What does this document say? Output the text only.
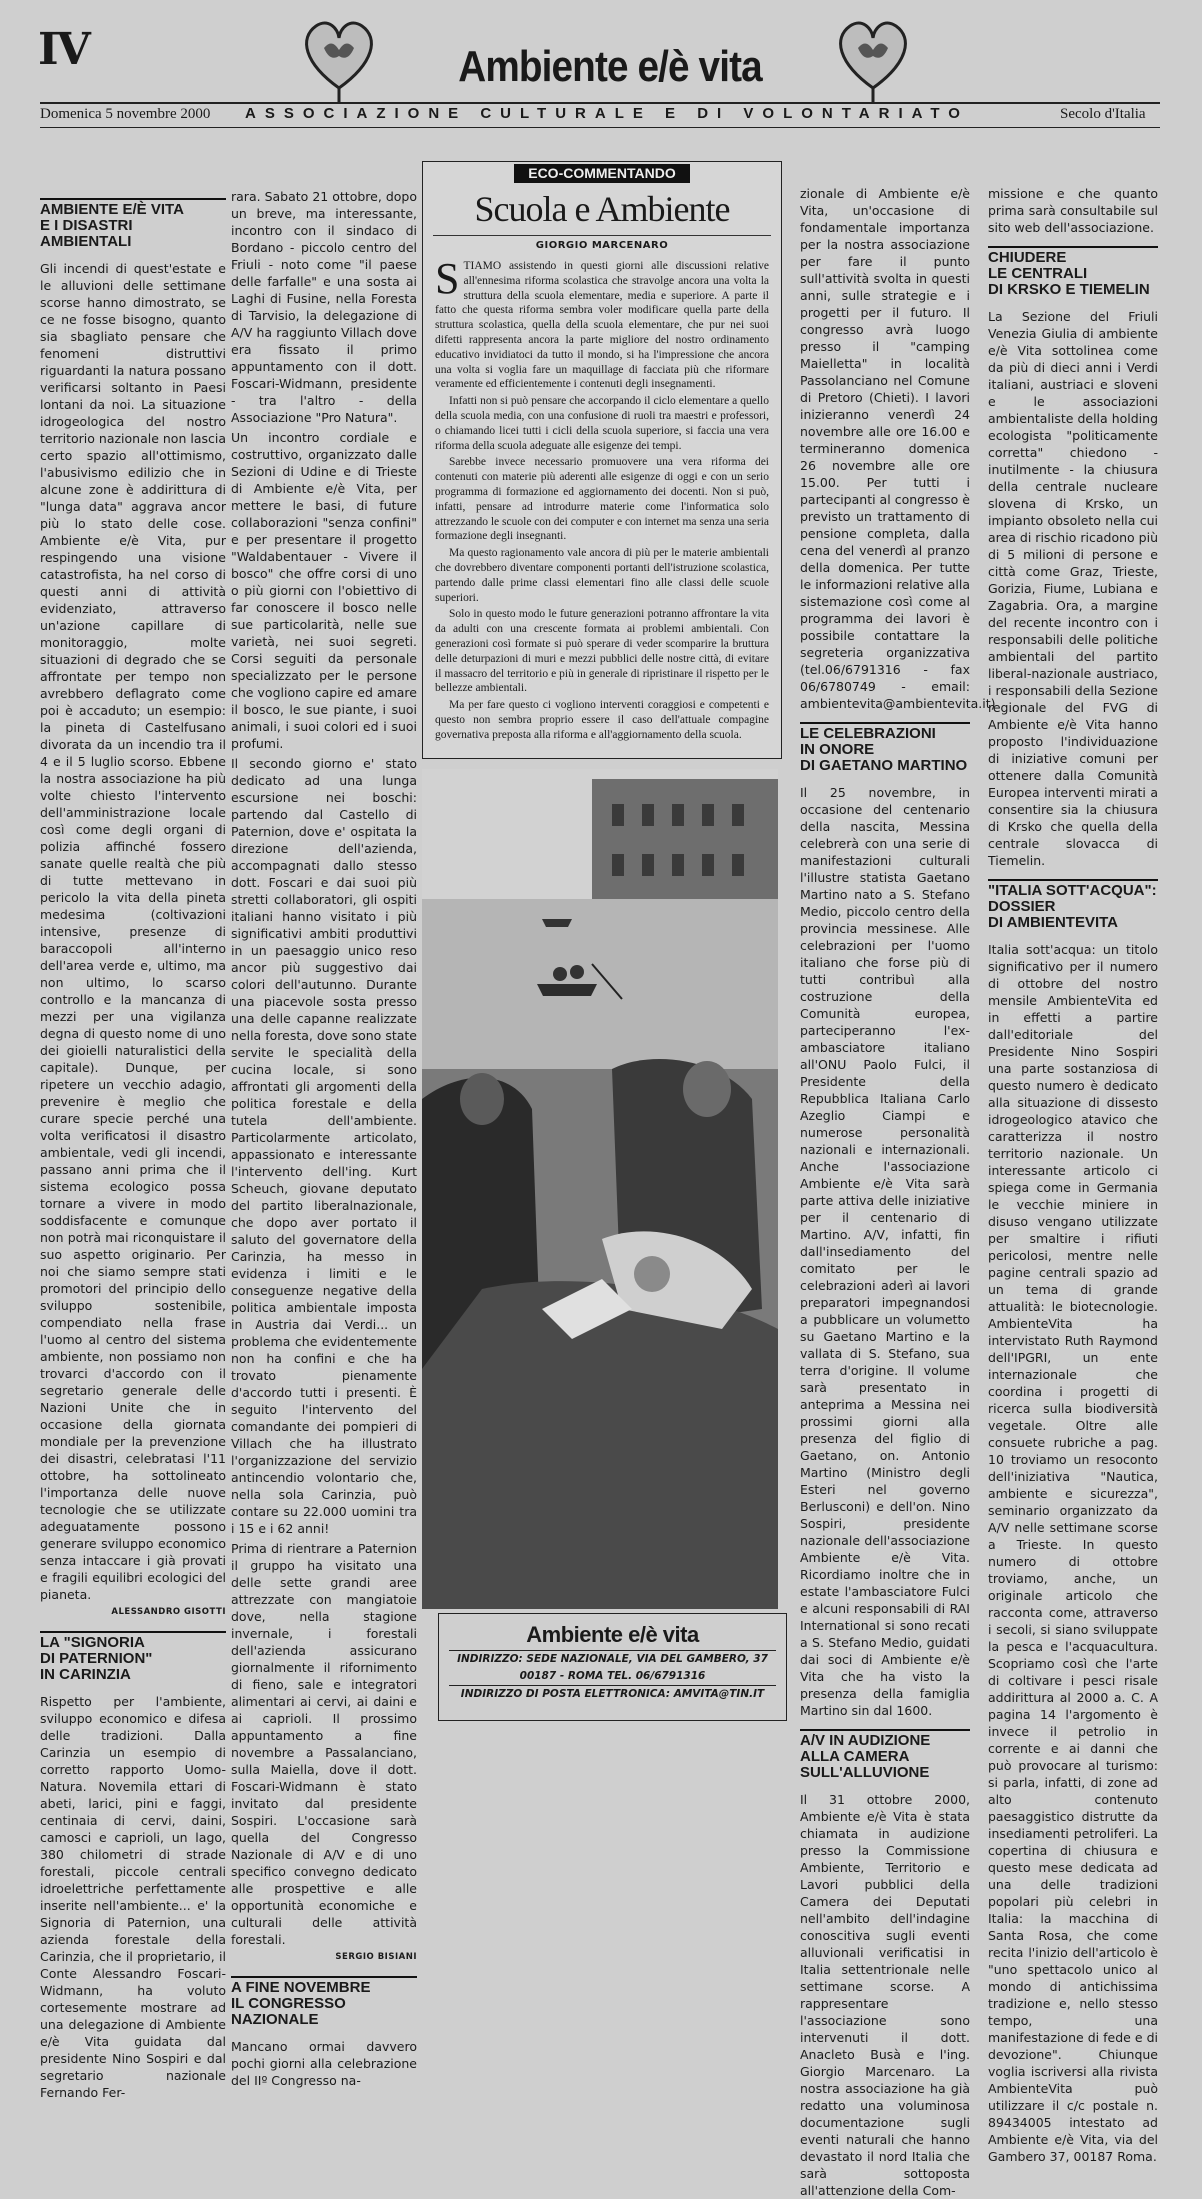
IV	Ambiente e/è vita
Domenica 5 novembre 2000 ASSOCIAZIONE CULTURALE E DI VOLONTARIATO	Secolo d'Italia
AMBIENTE E/È VITA
E I DISASTRI
AMBIENTALI

Gli incendi di quest'estate e le alluvioni delle settimane scorse hanno dimostrato, se ce ne fosse bisogno, quanto sia sbagliato pensare che fenomeni distruttivi riguardanti la natura possano verificarsi soltanto in Paesi lontani da noi. La situazione idrogeologica del nostro territorio nazionale non lascia certo spazio all'ottimismo, l'abusivismo edilizio che in alcune zone è addirittura di "lunga data" aggrava ancor più lo stato delle cose. Ambiente e/è Vita, pur respingendo una visione catastrofista, ha nel corso di questi anni di attività evidenziato, attraverso un'azione capillare di monitoraggio, molte situazioni di degrado che se affrontate per tempo non avrebbero deflagrato come poi è accaduto; un esempio: la pineta di Castelfusano divorata da un incendio tra il 4 e il 5 luglio scorso. Ebbene la nostra associazione ha più volte chiesto l'intervento dell'amministrazione locale così come degli organi di polizia affinché fossero sanate quelle realtà che più di tutte mettevano in pericolo la vita della pineta medesima (coltivazioni intensive, presenze di baraccopoli all'interno dell'area verde e, ultimo, ma non ultimo, lo scarso controllo e la mancanza di mezzi per una vigilanza degna di questo nome di uno dei gioielli naturalistici della capitale). Dunque, per ripetere un vecchio adagio, prevenire è meglio che curare specie perché una volta verificatosi il disastro ambientale, vedi gli incendi, passano anni prima che il sistema ecologico possa tornare a vivere in modo soddisfacente e comunque non potrà mai riconquistare il suo aspetto originario. Per noi che siamo sempre stati promotori del principio dello sviluppo sostenibile, compendiato nella frase l'uomo al centro del sistema ambiente, non possiamo non trovarci d'accordo con il segretario generale delle Nazioni Unite che in occasione della giornata mondiale per la prevenzione dei disastri, celebratasi l'11 ottobre, ha sottolineato l'importanza delle nuove tecnologie che se utilizzate adeguatamente possono generare sviluppo economico senza intaccare i già provati e fragili equilibri ecologici del pianeta.

ALESSANDRO GISOTTI
LA "SIGNORIA
DI PATERNION"
IN CARINZIA

Rispetto per l'ambiente, sviluppo economico e difesa delle tradizioni. Dalla Carinzia un esempio di corretto rapporto Uomo-Natura. Novemila ettari di abeti, larici, pini e faggi, centinaia di cervi, daini, camosci e caprioli, un lago, 380 chilometri di strade forestali, piccole centrali idroelettriche perfettamente inserite nell'ambiente... e' la Signoria di Paternion, una azienda forestale della Carinzia, che il proprietario, il Conte Alessandro Foscari-Widmann, ha voluto cortesemente mostrare ad una delegazione di Ambiente e/è Vita guidata dal presidente Nino Sospiri e dal segretario nazionale Fernando Fer-

rara. Sabato 21 ottobre, dopo un breve, ma interessante, incontro con il sindaco di Bordano - piccolo centro del Friuli - noto come "il paese delle farfalle" e una sosta ai Laghi di Fusine, nella Foresta di Tarvisio, la delegazione di A/V ha raggiunto Villach dove era fissato il primo appuntamento con il dott. Foscari-Widmann, presidente - tra l'altro - della Associazione "Pro Natura".

Un incontro cordiale e costruttivo, organizzato dalle Sezioni di Udine e di Trieste di Ambiente e/è Vita, per mettere le basi, di future collaborazioni "senza confini" e per presentare il progetto "Waldabentauer - Vivere il bosco" che offre corsi di uno o più giorni con l'obiettivo di far conoscere il bosco nelle sue particolarità, nelle sue varietà, nei suoi segreti. Corsi seguiti da personale specializzato per le persone che vogliono capire ed amare il bosco, le sue piante, i suoi animali, i suoi colori ed i suoi profumi.

Il secondo giorno e' stato dedicato ad una lunga escursione nei boschi: partendo dal Castello di Paternion, dove e' ospitata la direzione dell'azienda, accompagnati dallo stesso dott. Foscari e dai suoi più stretti collaboratori, gli ospiti italiani hanno visitato i più significativi ambiti produttivi in un paesaggio unico reso ancor più suggestivo dai colori dell'autunno. Durante una piacevole sosta presso una delle capanne realizzate nella foresta, dove sono state servite le specialità della cucina locale, si sono affrontati gli argomenti della politica forestale e della tutela dell'ambiente. Particolarmente articolato, appassionato e interessante l'intervento dell'ing. Kurt Scheuch, giovane deputato del partito liberalnazionale, che dopo aver portato il saluto del governatore della Carinzia, ha messo in evidenza i limiti e le conseguenze negative della politica ambientale imposta in Austria dai Verdi... un problema che evidentemente non ha confini e che ha trovato pienamente d'accordo tutti i presenti. È seguito l'intervento del comandante dei pompieri di Villach che ha illustrato l'organizzazione del servizio antincendio volontario che, nella sola Carinzia, può contare su 22.000 uomini tra i 15 e i 62 anni!

Prima di rientrare a Paternion il gruppo ha visitato una delle sette grandi aree attrezzate con mangiatoie dove, nella stagione invernale, i forestali dell'azienda assicurano giornalmente il rifornimento di fieno, sale e integratori alimentari ai cervi, ai daini e ai caprioli. Il prossimo appuntamento a fine novembre a Passalanciano, sulla Maiella, dove il dott. Foscari-Widmann è stato invitato dal presidente Sospiri. L'occasione sarà quella del Congresso Nazionale di A/V e di uno specifico convegno dedicato alle prospettive e alle opportunità economiche e culturali delle attività forestali.

SERGIO BISIANI
A FINE NOVEMBRE
IL CONGRESSO
NAZIONALE

Mancano ormai davvero pochi giorni alla celebrazione del IIº Congresso na-

ECO-COMMENTANDO
Scuola e Ambiente
GIORGIO MARCENARO

STIAMO assistendo in questi giorni alle discussioni relative all'ennesima riforma scolastica che stravolge ancora una volta la struttura della scuola elementare, media e superiore. A parte il fatto che questa riforma sembra voler modificare quella parte della struttura scolastica, quella della scuola elementare, che pur nei suoi difetti rappresenta ancora la parte migliore del nostro ordinamento educativo invidiatoci da tutto il mondo, si ha l'impressione che ancora una volta si voglia fare un maquillage di facciata più che riformare veramente ed efficientemente i contenuti degli insegnamenti.

Infatti non si può pensare che accorpando il ciclo elementare a quello della scuola media, con una confusione di ruoli tra maestri e professori, o chiamando licei tutti i cicli della scuola superiore, si faccia una vera riforma della scuola adeguate alle esigenze dei tempi.

Sarebbe invece necessario promuovere una vera riforma dei contenuti con materie più aderenti alle esigenze di oggi e con un serio programma di formazione ed aggiornamento dei docenti. Non si può, infatti, pensare ad introdurre materie come l'informatica solo attrezzando le scuole con dei computer e con internet ma senza una seria formazione degli insegnanti.

Ma questo ragionamento vale ancora di più per le materie ambientali che dovrebbero diventare componenti portanti dell'istruzione scolastica, partendo dalle prime classi elementari fino alle classi delle scuole superiori.

Solo in questo modo le future generazioni potranno affrontare la vita da adulti con una crescente formata ai problemi ambientali. Con generazioni così formate si può sperare di veder scomparire la bruttura delle deturpazioni di muri e mezzi pubblici delle nostre città, di evitare il massacro del territorio e più in generale di ripristinare il rispetto per le bellezze ambientali.

Ma per fare questo ci vogliono interventi coraggiosi e competenti e questo non sembra proprio essere il caso dell'attuale compagine governativa preposta alla riforma e all'aggiornamento della scuola.

zionale di Ambiente e/è Vita, un'occasione di fondamentale importanza per la nostra associazione per fare il punto sull'attività svolta in questi anni, sulle strategie e i progetti per il futuro. Il congresso avrà luogo presso il "camping Maielletta" in località Passolanciano nel Comune di Pretoro (Chieti). I lavori inizieranno venerdì 24 novembre alle ore 16.00 e termineranno domenica 26 novembre alle ore 15.00. Per tutti i partecipanti al congresso è previsto un trattamento di pensione completa, dalla cena del venerdì al pranzo della domenica. Per tutte le informazioni relative alla sistemazione così come al programma dei lavori è possibile contattare la segreteria organizzativa (tel.06/6791316 - fax 06/6780749 - email: ambientevita@ambientevita.it)

LE CELEBRAZIONI
IN ONORE
DI GAETANO MARTINO

Il 25 novembre, in occasione del centenario della nascita, Messina celebrerà con una serie di manifestazioni culturali l'illustre statista Gaetano Martino nato a S. Stefano Medio, piccolo centro della provincia messinese. Alle celebrazioni per l'uomo italiano che forse più di tutti contribuì alla costruzione della Comunità europea, parteciperanno l'ex-ambasciatore italiano all'ONU Paolo Fulci, il Presidente della Repubblica Italiana Carlo Azeglio Ciampi e numerose personalità nazionali e internazionali. Anche l'associazione Ambiente e/è Vita sarà parte attiva delle iniziative per il centenario di Martino. A/V, infatti, fin dall'insediamento del comitato per le celebrazioni aderì ai lavori preparatori impegnandosi a pubblicare un volumetto su Gaetano Martino e la vallata di S. Stefano, sua terra d'origine. Il volume sarà presentato in anteprima a Messina nei prossimi giorni alla presenza del figlio di Gaetano, on. Antonio Martino (Ministro degli Esteri nel governo Berlusconi) e dell'on. Nino Sospiri, presidente nazionale dell'associazione Ambiente e/è Vita. Ricordiamo inoltre che in estate l'ambasciatore Fulci e alcuni responsabili di RAI International si sono recati a S. Stefano Medio, guidati dai soci di Ambiente e/è Vita che ha visto la presenza della famiglia Martino sin dal 1600.

A/V IN AUDIZIONE
ALLA CAMERA
SULL'ALLUVIONE

Il 31 ottobre 2000, Ambiente e/è Vita è stata chiamata in audizione presso la Commissione Ambiente, Territorio e Lavori pubblici della Camera dei Deputati nell'ambito dell'indagine conoscitiva sugli eventi alluvionali verificatisi in Italia settentrionale nelle settimane scorse. A rappresentare l'associazione sono intervenuti il dott. Anacleto Busà e l'ing. Giorgio Marcenaro. La nostra associazione ha già redatto una voluminosa documentazione sugli eventi naturali che hanno devastato il nord Italia che sarà sottoposta all'attenzione della Com-

missione e che quanto prima sarà consultabile sul sito web dell'associazione.

CHIUDERE
LE CENTRALI
DI KRSKO E TIEMELIN

La Sezione del Friuli Venezia Giulia di ambiente e/è Vita sottolinea come da più di dieci anni i Verdi italiani, austriaci e sloveni e le associazioni ambientaliste della holding ecologista "politicamente corretta" chiedono - inutilmente - la chiusura della centrale nucleare slovena di Krsko, un impianto obsoleto nella cui area di rischio ricadono più di 5 milioni di persone e città come Graz, Trieste, Gorizia, Fiume, Lubiana e Zagabria. Ora, a margine del recente incontro con i responsabili delle politiche ambientali del partito liberal-nazionale austriaco, i responsabili della Sezione regionale del FVG di Ambiente e/è Vita hanno proposto l'individuazione di iniziative comuni per ottenere dalla Comunità Europea interventi mirati a consentire sia la chiusura di Krsko che quella della centrale slovacca di Tiemelin.

"ITALIA SOTT'ACQUA":
DOSSIER
DI AMBIENTEVITA

Italia sott'acqua: un titolo significativo per il numero di ottobre del nostro mensile AmbienteVita ed in effetti a partire dall'editoriale del Presidente Nino Sospiri una parte sostanziosa di questo numero è dedicato alla situazione di dissesto idrogeologico atavico che caratterizza il nostro territorio nazionale. Un interessante articolo ci spiega come in Germania le vecchie miniere in disuso vengano utilizzate per smaltire i rifiuti pericolosi, mentre nelle pagine centrali spazio ad un tema di grande attualità: le biotecnologie. AmbienteVita ha intervistato Ruth Raymond dell'IPGRI, un ente internazionale che coordina i progetti di ricerca sulla biodiversità vegetale. Oltre alle consuete rubriche a pag. 10 troviamo un resoconto dell'iniziativa "Nautica, ambiente e sicurezza", seminario organizzato da A/V nelle settimane scorse a Trieste. In questo numero di ottobre troviamo, anche, un originale articolo che racconta come, attraverso i secoli, si siano sviluppate la pesca e l'acquacultura. Scopriamo così che l'arte di coltivare i pesci risale addirittura al 2000 a. C. A pagina 14 l'argomento è invece il petrolio in corrente e ai danni che può provocare al turismo: si parla, infatti, di zone ad alto contenuto paesaggistico distrutte da insediamenti petroliferi. La copertina di chiusura e questo mese dedicata ad una delle tradizioni popolari più celebri in Italia: la macchina di Santa Rosa, che come recita l'inizio dell'articolo è "uno spettacolo unico al mondo di antichissima tradizione e, nello stesso tempo, una manifestazione di fede e di devozione". Chiunque voglia iscriversi alla rivista AmbienteVita può utilizzare il c/c postale n. 89434005 intestato ad Ambiente e/è Vita, via del Gambero 37, 00187 Roma.

Ambiente e/è vita
INDIRIZZO: SEDE NAZIONALE, VIA DEL GAMBERO, 37
00187 - ROMA TEL. 06/6791316
INDIRIZZO DI POSTA ELETTRONICA: AMVITA@TIN.IT
